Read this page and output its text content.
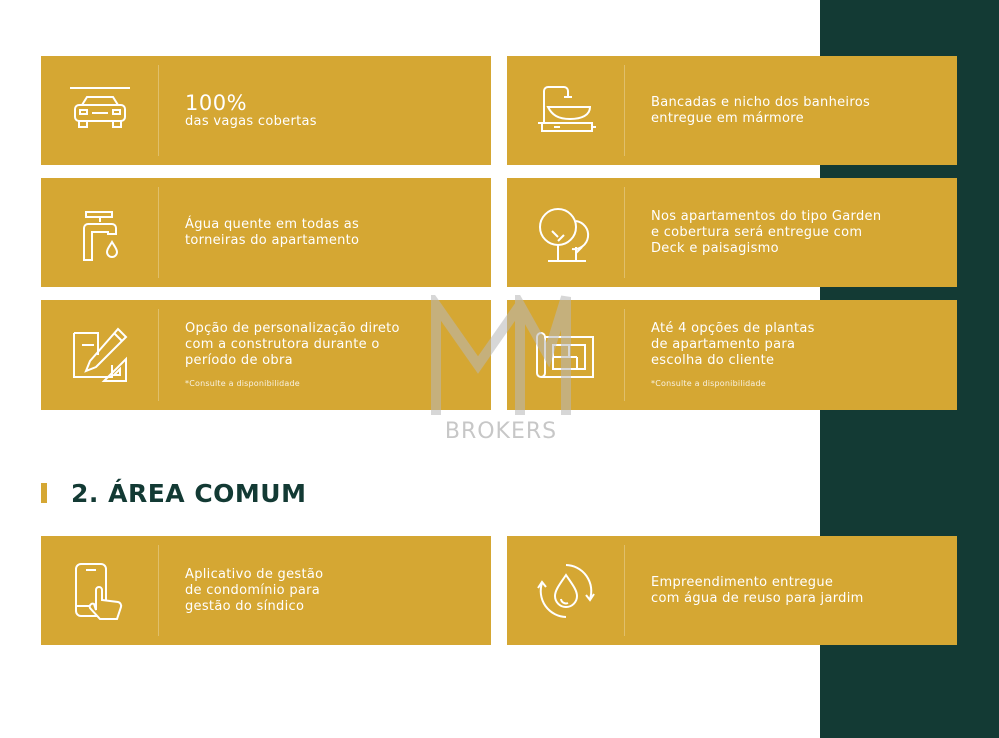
100%
das vagas cobertas
Bancadas e nicho dos banheiros
entregue em mármore
Água quente em todas as
torneiras do apartamento
Nos apartamentos do tipo Garden
e cobertura será entregue com
Deck e paisagismo
Opção de personalização direto
com a construtora durante o
período de obra
*Consulte a disponibilidade
Até 4 opções de plantas
de apartamento para
escolha do cliente
*Consulte a disponibilidade
BROKERS
2. ÁREA COMUM
Aplicativo de gestão
de condomínio para
gestão do síndico
Empreendimento entregue
com água de reuso para jardim
